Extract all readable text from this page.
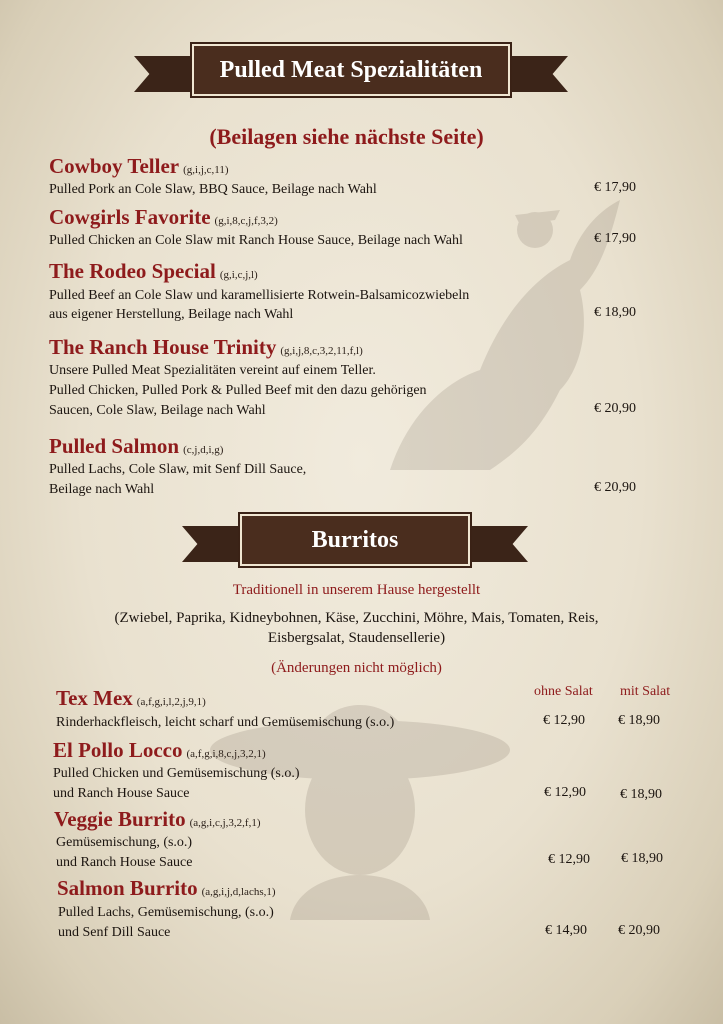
Pulled Meat Spezialitäten
(Beilagen siehe nächste Seite)
Cowboy Teller (g,i,j,c,11)
Pulled Pork an Cole Slaw, BBQ Sauce, Beilage nach Wahl	€ 17,90
Cowgirls Favorite (g,i,8,c,j,f,3,2)
Pulled Chicken an Cole Slaw mit Ranch House Sauce, Beilage nach Wahl	€ 17,90
The Rodeo Special (g,i,c,j,l)
Pulled Beef an Cole Slaw und karamellisierte Rotwein-Balsamicozwiebeln
aus eigener Herstellung, Beilage nach Wahl	€ 18,90
The Ranch House Trinity (g,i,j,8,c,3,2,11,f,l)
Unsere Pulled Meat Spezialitäten vereint auf einem Teller.
Pulled Chicken, Pulled Pork & Pulled Beef mit den dazu gehörigen
Saucen, Cole Slaw, Beilage nach Wahl	€ 20,90
Pulled Salmon (c,j,d,i,g)
Pulled Lachs, Cole Slaw, mit Senf Dill Sauce,
Beilage nach Wahl	€ 20,90
Burritos
Traditionell in unserem Hause hergestellt
(Zwiebel, Paprika, Kidneybohnen, Käse, Zucchini, Möhre, Mais, Tomaten, Reis,
Eisbergsalat, Staudensellerie)
(Änderungen nicht möglich)
ohne Salat mit Salat
Tex Mex (a,f,g,i,l,2,j,9,1)
Rinderhackfleisch, leicht scharf und Gemüsemischung (s.o.)	€ 12,90 € 18,90
El Pollo Locco (a,f,g,i,8,c,j,3,2,1)
Pulled Chicken und Gemüsemischung (s.o.)
und Ranch House Sauce	€ 12,90 € 18,90
Veggie Burrito (a,g,i,c,j,3,2,f,1)
Gemüsemischung, (s.o.)
und Ranch House Sauce	€ 12,90 € 18,90
Salmon Burrito (a,g,i,j,d,lachs,1)
Pulled Lachs, Gemüsemischung, (s.o.)
und Senf Dill Sauce	€ 14,90 € 20,90
